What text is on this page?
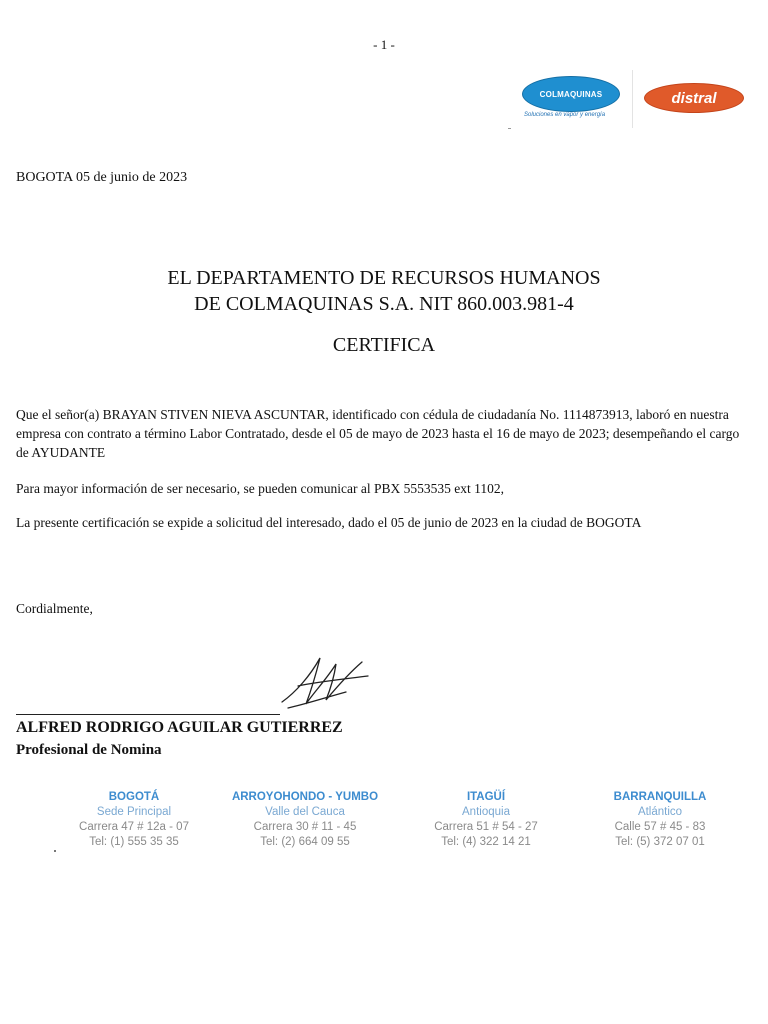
- 1 -
COLMAQUINAS
Soluciones en vapor y energía
distral
BOGOTA 05 de junio de 2023
EL DEPARTAMENTO DE RECURSOS HUMANOS
DE COLMAQUINAS S.A. NIT 860.003.981-4
CERTIFICA
Que el señor(a) BRAYAN STIVEN NIEVA ASCUNTAR, identificado con cédula de ciudadanía No. 1114873913, laboró en nuestra empresa con contrato a término Labor Contratado, desde el 05 de mayo de 2023 hasta el 16 de mayo de 2023; desempeñando el cargo de AYUDANTE
Para mayor información de ser necesario, se pueden comunicar al PBX 5553535 ext 1102,
La presente certificación se expide a solicitud del interesado, dado el 05 de junio de 2023 en la ciudad de BOGOTA
Cordialmente,
ALFRED RODRIGO AGUILAR GUTIERREZ
Profesional de Nomina
BOGOTÁ
Sede Principal
Carrera 47 # 12a - 07
Tel: (1) 555 35 35
ARROYOHONDO - YUMBO
Valle del Cauca
Carrera 30 # 11 - 45
Tel: (2) 664 09 55
ITAGÜÍ
Antioquia
Carrera 51 # 54 - 27
Tel: (4) 322 14 21
BARRANQUILLA
Atlántico
Calle 57 # 45 - 83
Tel: (5) 372 07 01
